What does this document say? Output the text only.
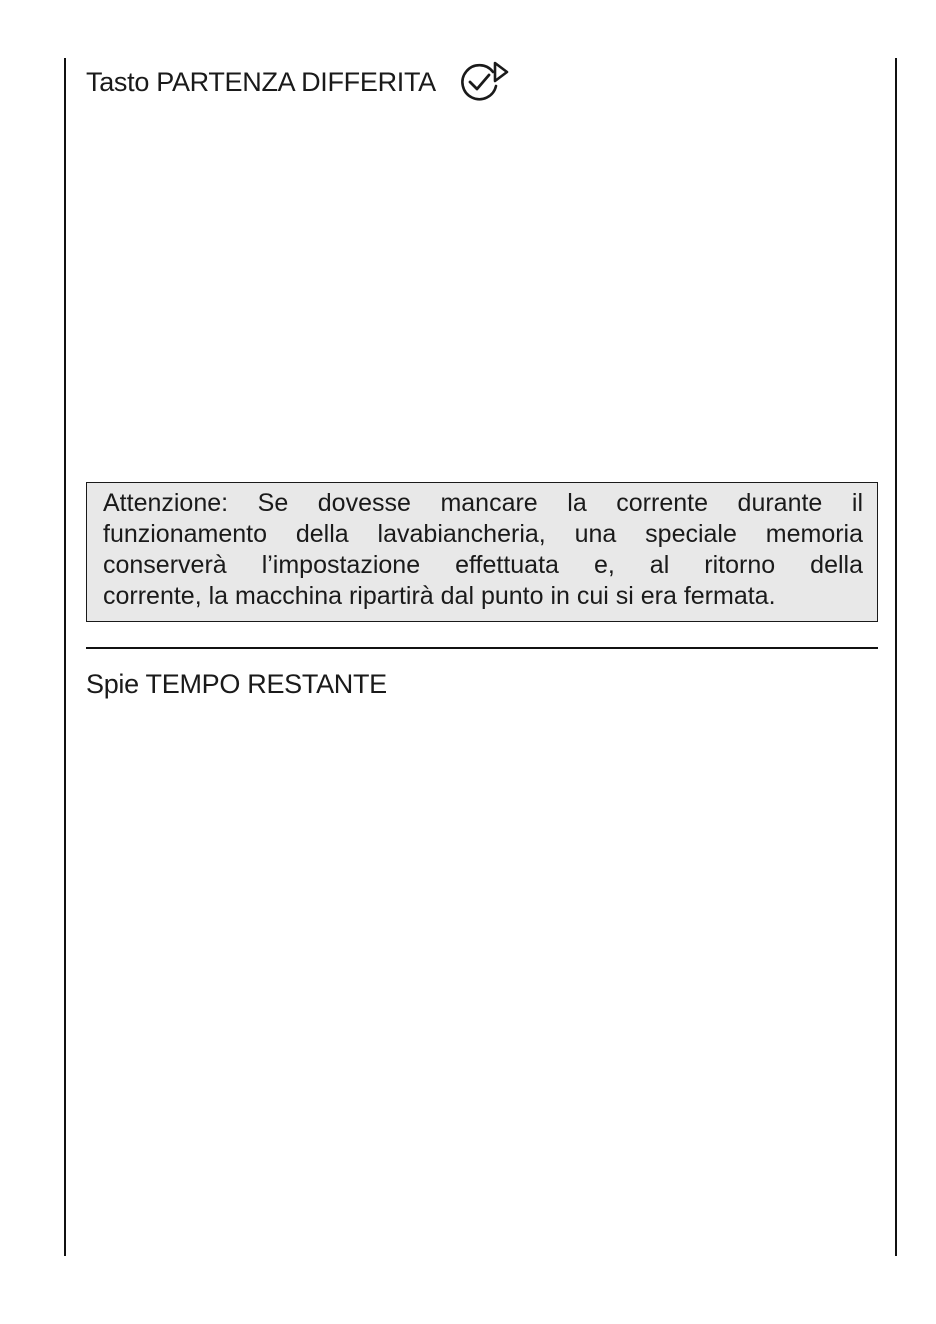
Tasto PARTENZA DIFFERITA
Attenzione: Se dovesse mancare la corrente durante il
funzionamento della lavabiancheria, una speciale memoria
conserverà l’impostazione effettuata e, al ritorno della
corrente, la macchina ripartirà dal punto in cui si era fermata.
Spie TEMPO RESTANTE
